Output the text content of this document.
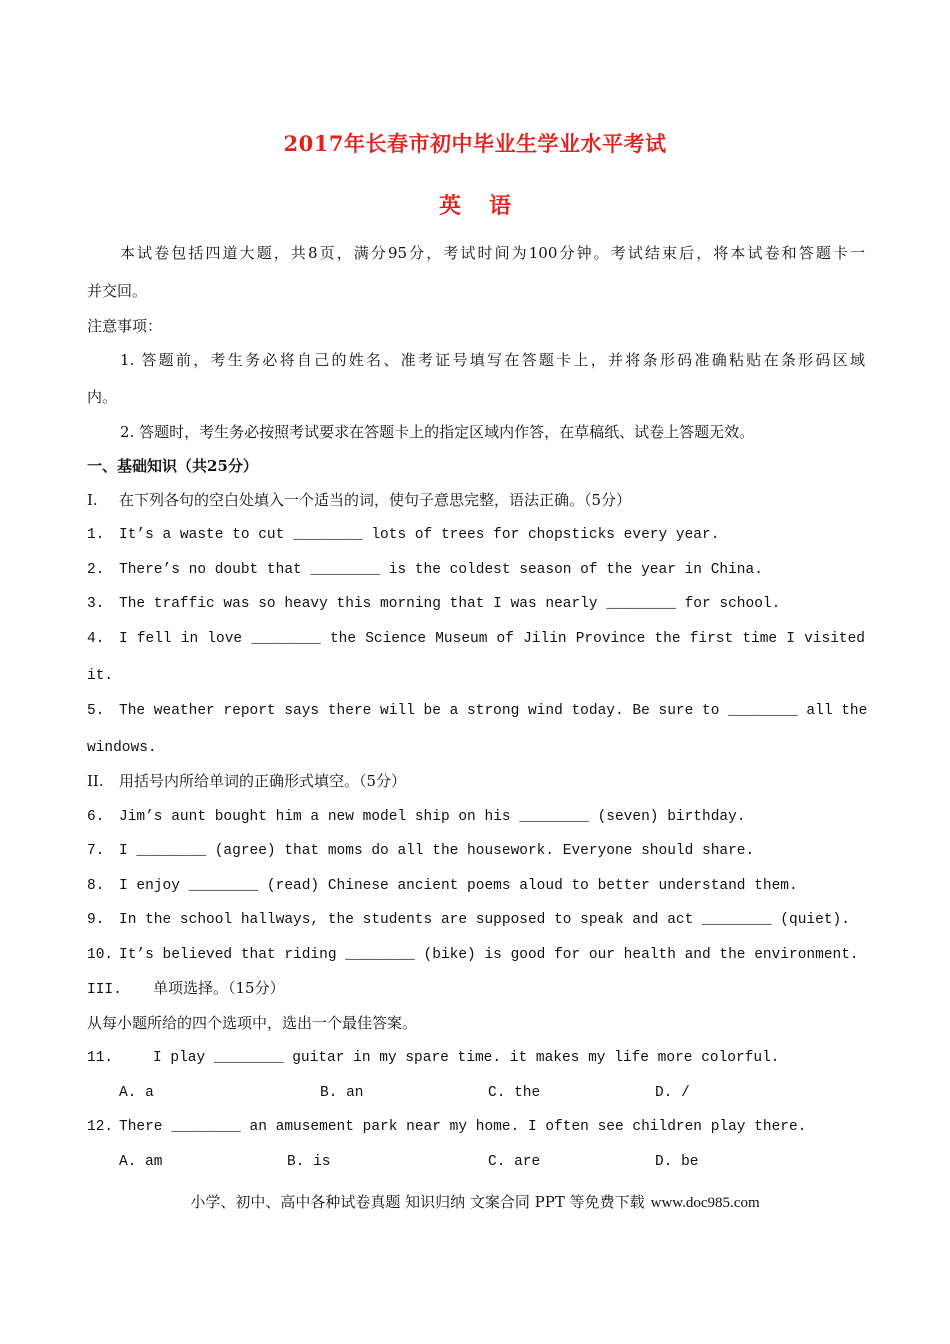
2017年长春市初中毕业生学业水平考试
英语
本试卷包括四道大题，共8页，满分95分，考试时间为100分钟。考试结束后，将本试卷和答题卡一
并交回。
注意事项：
1. 答题前，考生务必将自己的姓名、准考证号填写在答题卡上，并将条形码准确粘贴在条形码区域
内。
2. 答题时，考生务必按照考试要求在答题卡上的指定区域内作答，在草稿纸、试卷上答题无效。
一、基础知识（共25分）
I. 在下列各句的空白处填入一个适当的词，使句子意思完整，语法正确。（5分）
1. It’s a waste to cut ________ lots of trees for chopsticks every year.
2. There’s no doubt that ________ is the coldest season of the year in China.
3. The traffic was so heavy this morning that I was nearly ________ for school.
4. I fell in love ________ the Science Museum of Jilin Province the first time I visited
it.
5. The weather report says there will be a strong wind today. Be sure to ________ all the
windows.
II. 用括号内所给单词的正确形式填空。（5分）
6. Jim’s aunt bought him a new model ship on his ________ (seven) birthday.
7. I ________ (agree) that moms do all the housework. Everyone should share.
8. I enjoy ________ (read) Chinese ancient poems aloud to better understand them.
9. In the school hallways, the students are supposed to speak and act ________ (quiet).
10. It’s believed that riding ________ (bike) is good for our health and the environment.
III. 单项选择。（15分）
从每小题所给的四个选项中，选出一个最佳答案。
11.	I play ________ guitar in my spare time. it makes my life more colorful.
A. a	B. an	C. the	D. /
12. There ________ an amusement park near my home. I often see children play there.
A. am	B. is	C. are	D. be
小学、初中、高中各种试卷真题 知识归纳 文案合同 PPT 等免费下载 www.doc985.com
